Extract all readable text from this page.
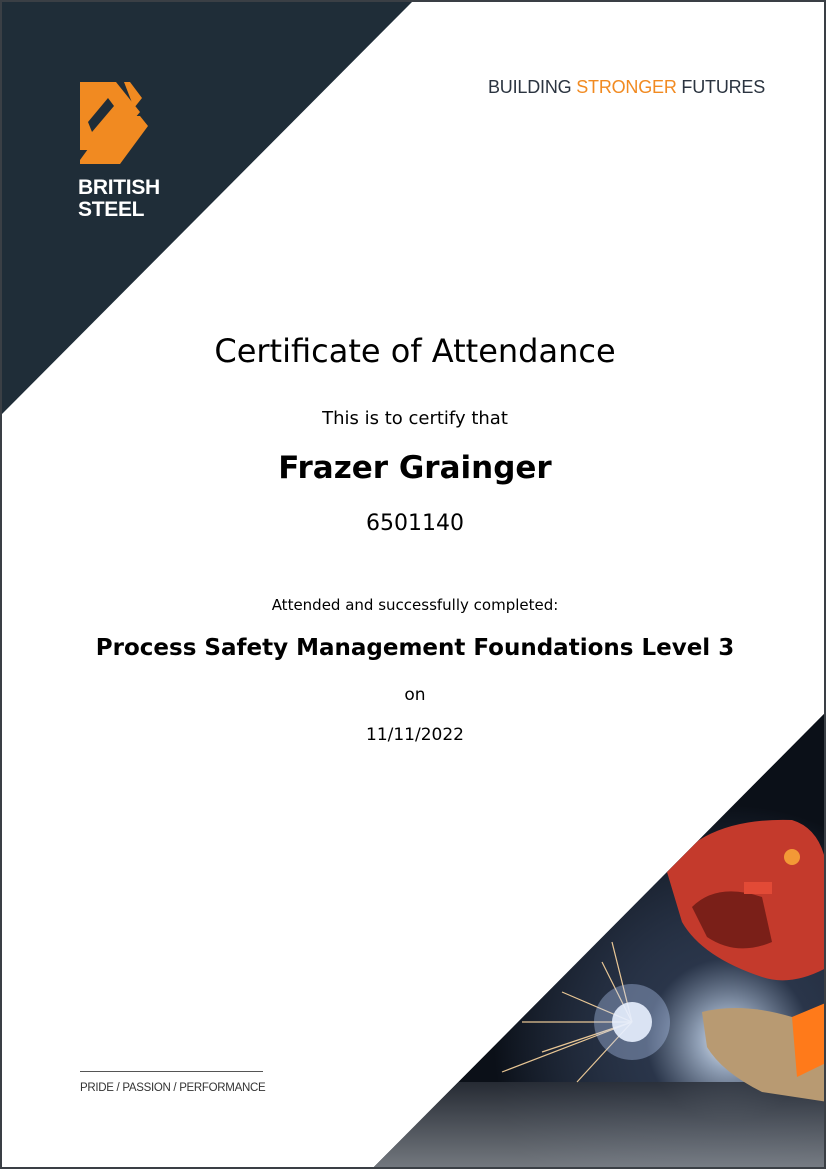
BRITISH
STEEL
BUILDING STRONGER FUTURES
Certificate of Attendance
This is to certify that
Frazer Grainger
6501140
Attended and successfully completed:
Process Safety Management Foundations Level 3
on
11/11/2022
PRIDE / PASSION / PERFORMANCE
